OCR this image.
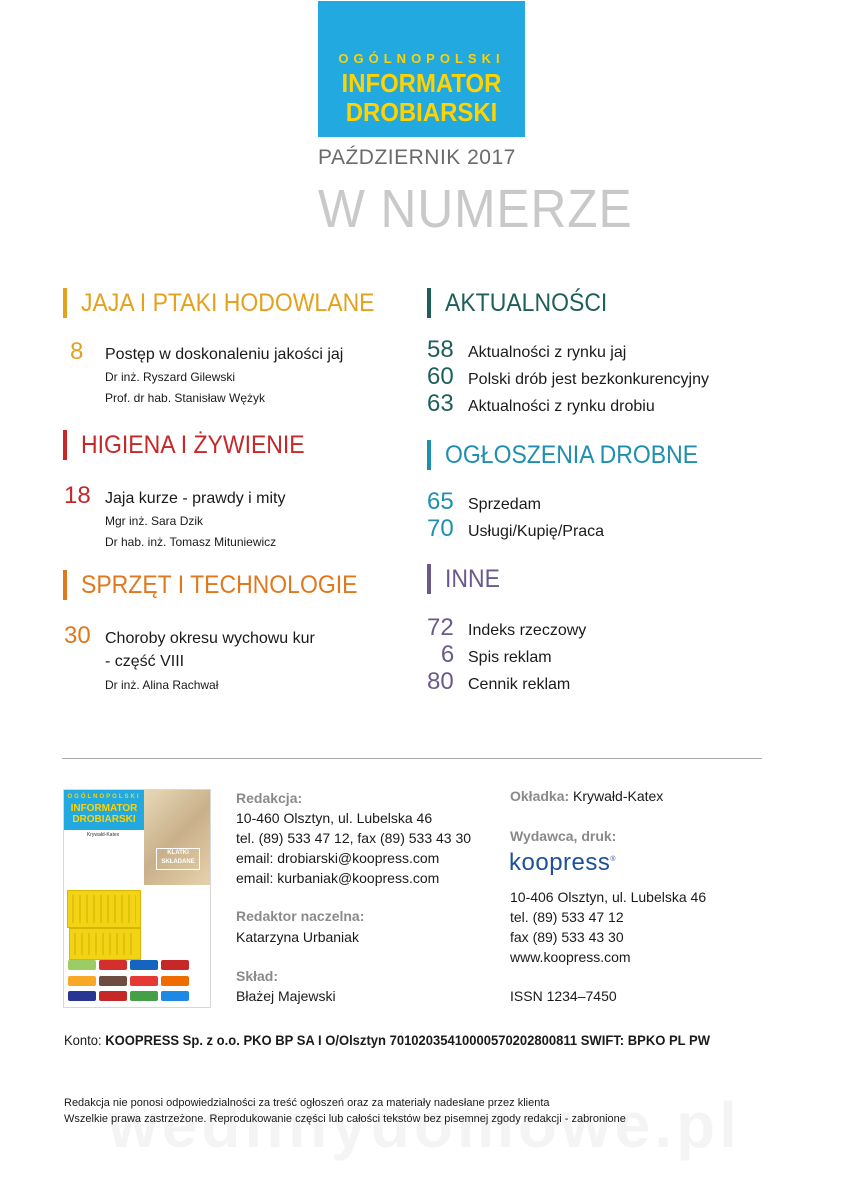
OGÓLNOPOLSKI
INFORMATOR
DROBIARSKI
PAŹDZIERNIK 2017
W NUMERZE
JAJA I PTAKI HODOWLANE
8	Postęp w doskonaleniu jakości jaj
Dr inż. Ryszard Gilewski
Prof. dr hab. Stanisław Wężyk
HIGIENA I ŻYWIENIE
18 Jaja kurze - prawdy i mity
Mgr inż. Sara Dzik
Dr hab. inż. Tomasz Mituniewicz
SPRZĘT I TECHNOLOGIE
30 Choroby okresu wychowu kur
- część VIII
Dr inż. Alina Rachwał
AKTUALNOŚCI
58 Aktualności z rynku jaj
60 Polski drób jest bezkonkurencyjny
63 Aktualności z rynku drobiu
OGŁOSZENIA DROBNE
65 Sprzedam
70 Usługi/Kupię/Praca
INNE
72 Indeks rzeczowy
6 Spis reklam
80 Cennik reklam
OGÓLNOPOLSKI
INFORMATOR
DROBIARSKI
KLATKI
SKŁADANE
Krywałd-Katex
Redakcja:
10-460 Olsztyn, ul. Lubelska 46
tel. (89) 533 47 12, fax (89) 533 43 30
email: drobiarski@koopress.com
email: kurbaniak@koopress.com
Redaktor naczelna:
Katarzyna Urbaniak
Skład:
Błażej Majewski
Okładka: Krywałd-Katex
Wydawca, druk:
koopress®
10-406 Olsztyn, ul. Lubelska 46
tel. (89) 533 47 12
fax (89) 533 43 30
www.koopress.com
ISSN 1234–7450
Konto: KOOPRESS Sp. z o.o. PKO BP SA I O/Olsztyn 70102035410000570202800811 SWIFT: BPKO PL PW
Redakcja nie ponosi odpowiedzialności za treść ogłoszeń oraz za materiały nadesłane przez klienta
Wszelkie prawa zastrzeżone. Reprodukowanie części lub całości tekstów bez pisemnej zgody redakcji - zabronione
